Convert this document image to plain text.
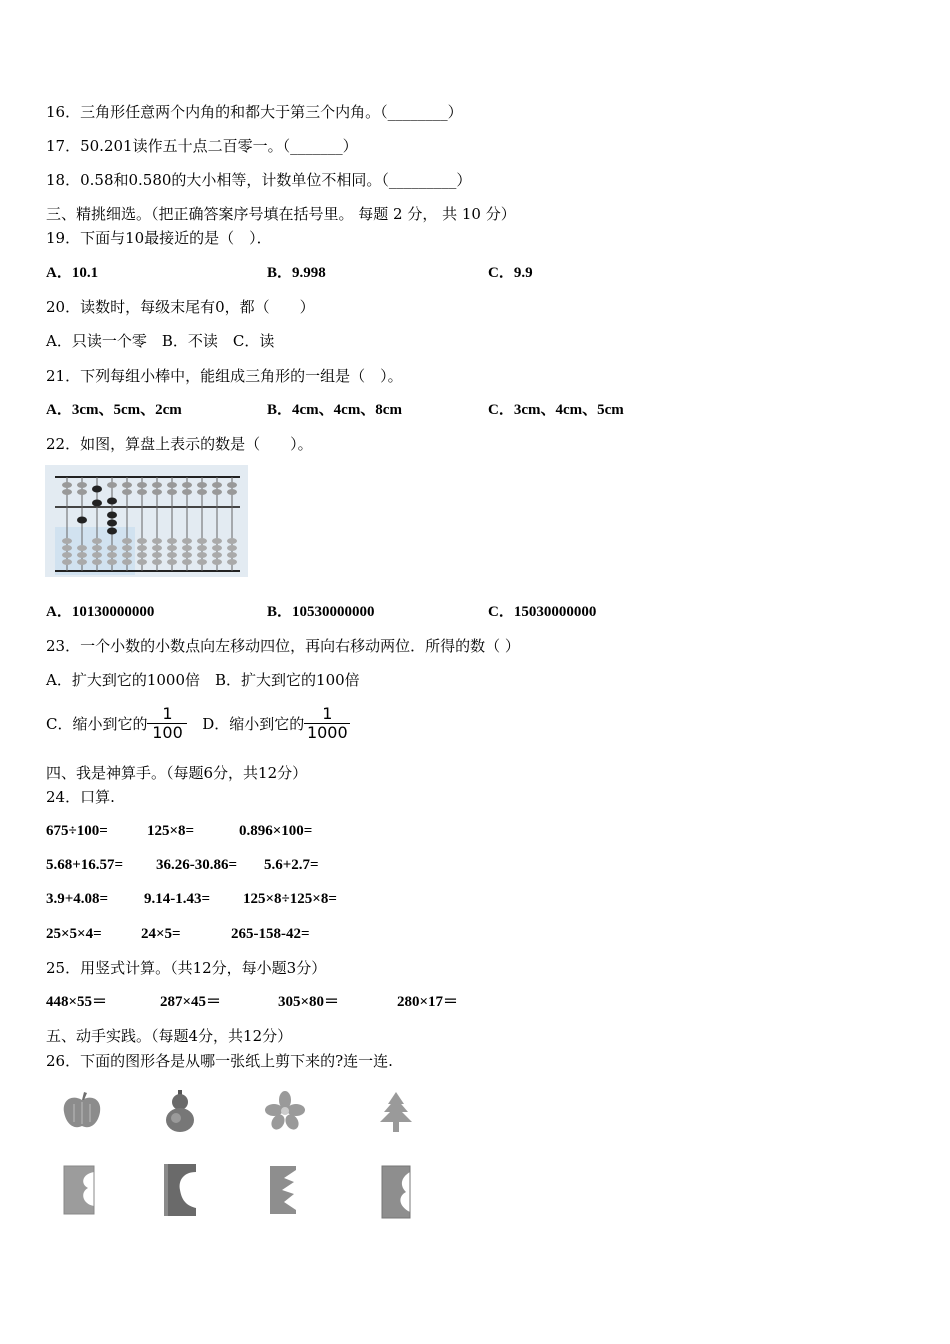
16．三角形任意两个内角的和都大于第三个内角。（________）
17．50.201读作五十点二百零一。（_______）
18．0.58和0.580的大小相等，计数单位不相同。（_________）
三、精挑细选。（把正确答案序号填在括号里。 每题 2 分， 共 10 分）
19．下面与10最接近的是（　）．
A．10.1	B．9.998	C．9.9
20．读数时，每级末尾有0，都（　　）
A．只读一个零　B．不读　C．读
21．下列每组小棒中，能组成三角形的一组是（　）。
A．3cm、5cm、2cm	B．4cm、4cm、8cm	C．3cm、4cm、5cm
22．如图，算盘上表示的数是（　　）。
A．10130000000	B．10530000000	C．15030000000
23．一个小数的小数点向左移动四位，再向右移动两位．所得的数（ ）
A．扩大到它的1000倍　B．扩大到它的100倍
C．缩小到它的 $\frac{1}{100}$ D．缩小到它的 $\frac{1}{1000}$
四、我是神算手。（每题6分，共12分）
24．口算.
675÷100=	125×8=	0.896×100=
5.68+16.57= 36.26-30.86= 5.6+2.7=
3.9+4.08= 9.14-1.43= 125×8÷125×8=
25×5×4=	24×5=	265-158-42=
25．用竖式计算。（共12分，每小题3分）
448×55＝	287×45＝	305×80＝	280×17＝
五、动手实践。（每题4分，共12分）
26．下面的图形各是从哪一张纸上剪下来的?连一连.
